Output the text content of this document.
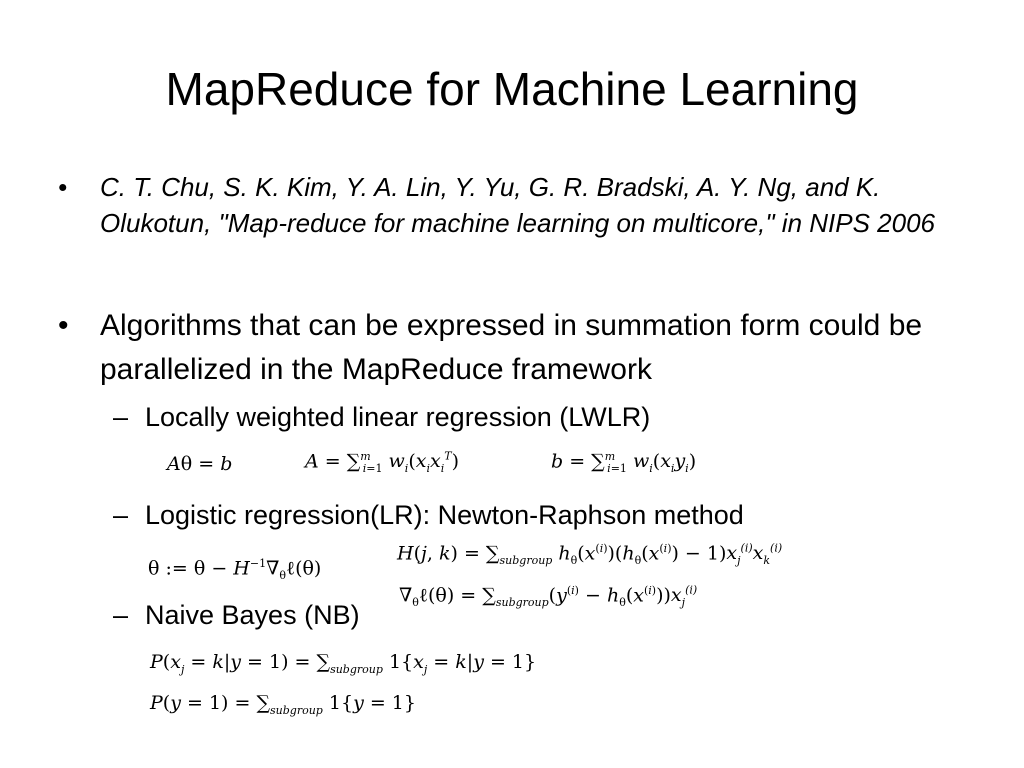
MapReduce for Machine Learning
• C. T. Chu, S. K. Kim, Y. A. Lin, Y. Yu, G. R. Bradski, A. Y. Ng, and K. Olukotun, "Map-reduce for machine learning on multicore," in NIPS 2006
• Algorithms that can be expressed in summation form could be parallelized in the MapReduce framework
– Locally weighted linear regression (LWLR)
Aθ = b	A = ∑$^m_{i=1}$ $w_i(x_ix_i^T)$	b = ∑$^m_{i=1}$ $w_i(x_iy_i)$
– Logistic regression(LR): Newton-Raphson method
θ := $\theta - H^{-1}\nabla_\theta\ell(\theta)$
H(j, $k) = \sum_{subgroup}$ $h_\theta(x^{(i)})(h_\theta(x^{(i)}) - 1)x_j^{(i)}x_k^{(i)}$
$\nabla_\theta\ell(\theta) = \sum_{subgroup}(y^{(i)} - h_\theta(x^{(i)}))x_j^{(i)}$
– Naive Bayes (NB)
$P(x_j = k|y = 1) = \sum_{subgroup}$ $1\{x_j = k|y = 1\}$
$P(y = 1) = \sum_{subgroup}$ 1{y = 1}
